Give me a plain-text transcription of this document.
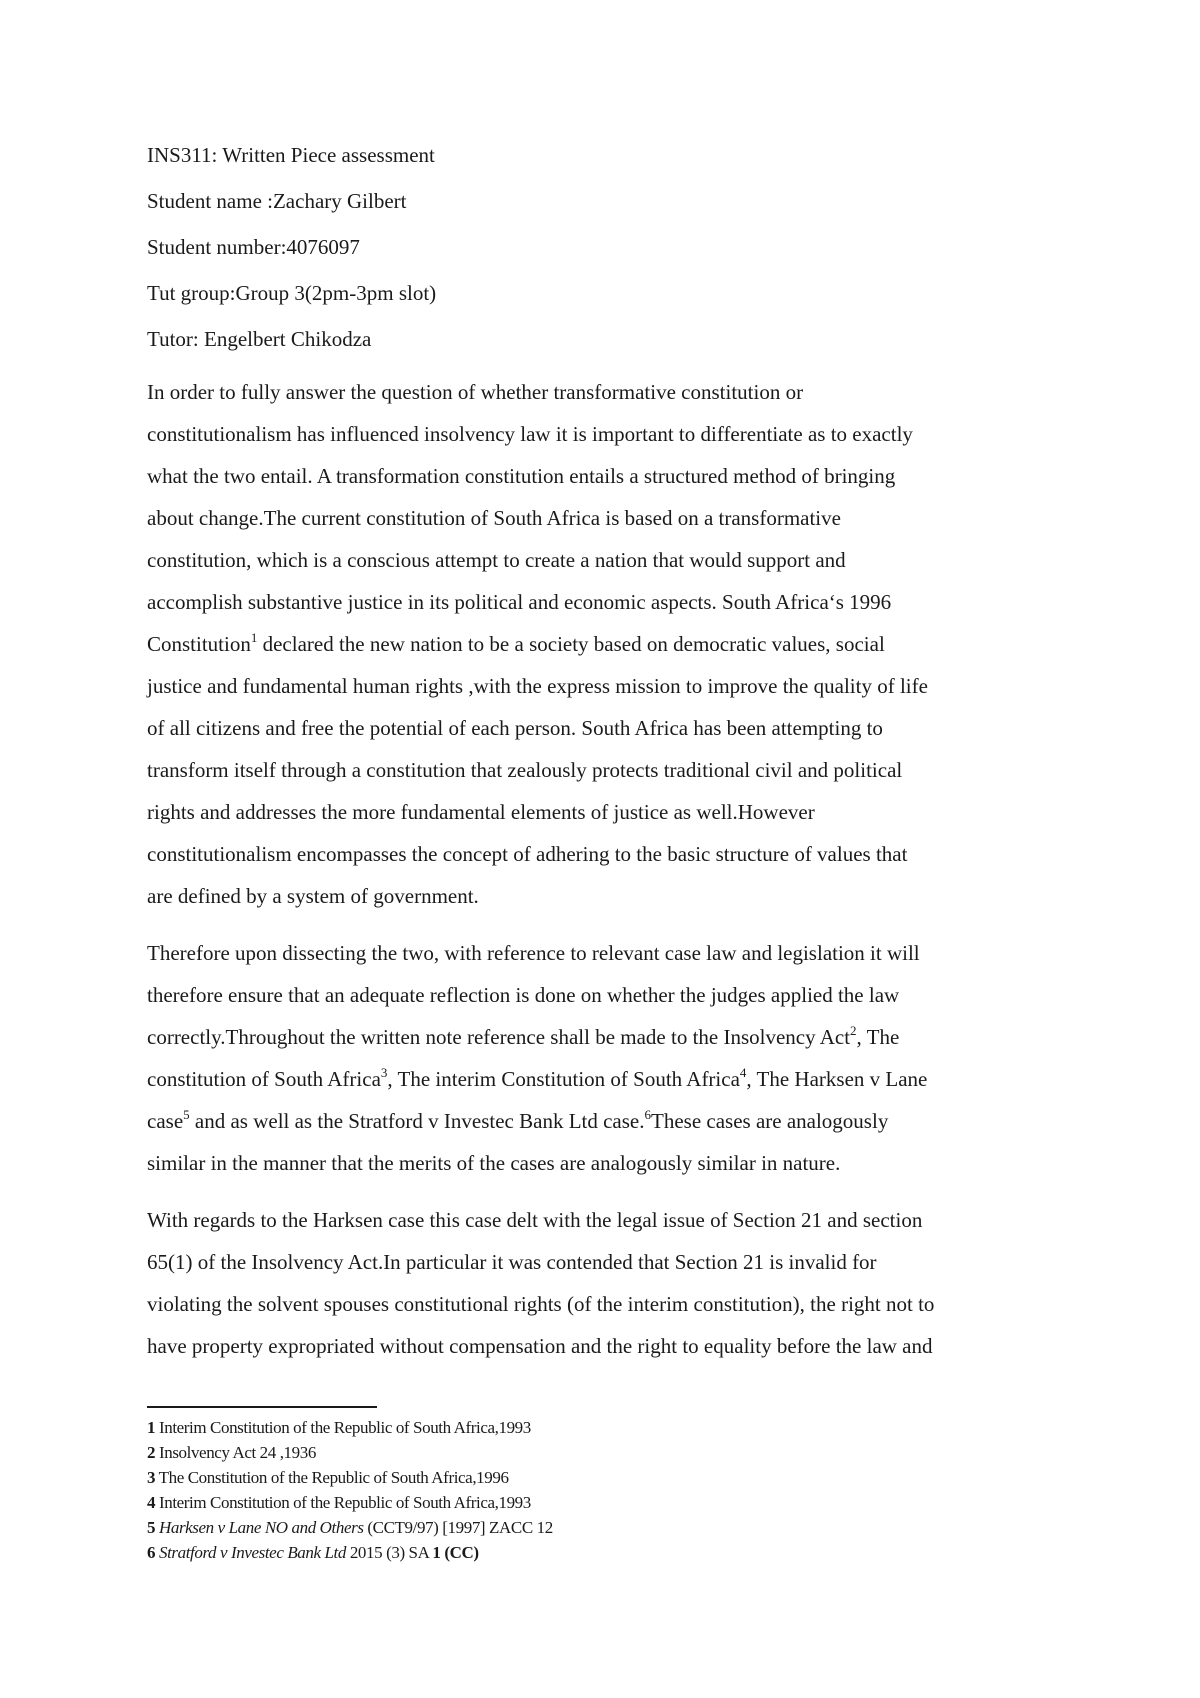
INS311: Written Piece assessment
Student name :Zachary Gilbert
Student number:4076097
Tut group:Group 3(2pm-3pm slot)
Tutor: Engelbert Chikodza
In order to fully answer the question of whether transformative constitution or
constitutionalism has influenced insolvency law it is important to differentiate as to exactly
what the two entail. A transformation constitution entails a structured method of bringing
about change.The current constitution of South Africa is based on a transformative
constitution, which is a conscious attempt to create a nation that would support and
accomplish substantive justice in its political and economic aspects. South Africa‘s 1996
Constitution$^1$ declared the new nation to be a society based on democratic values, social
justice and fundamental human rights ,with the express mission to improve the quality of life
of all citizens and free the potential of each person. South Africa has been attempting to
transform itself through a constitution that zealously protects traditional civil and political
rights and addresses the more fundamental elements of justice as well.However
constitutionalism encompasses the concept of adhering to the basic structure of values that
are defined by a system of government.
Therefore upon dissecting the two, with reference to relevant case law and legislation it will
therefore ensure that an adequate reflection is done on whether the judges applied the law
correctly.Throughout the written note reference shall be made to the Insolvency Act$^2$, The
constitution of South Africa$^3$, The interim Constitution of South Africa$^4$, The Harksen v Lane
case$^5$ and as well as the Stratford v Investec Bank Ltd case.$^6$These cases are analogously
similar in the manner that the merits of the cases are analogously similar in nature.
With regards to the Harksen case this case delt with the legal issue of Section 21 and section
65(1) of the Insolvency Act.In particular it was contended that Section 21 is invalid for
violating the solvent spouses constitutional rights (of the interim constitution), the right not to
have property expropriated without compensation and the right to equality before the law and
1 Interim Constitution of the Republic of South Africa,1993
2 Insolvency Act 24 ,1936
3 The Constitution of the Republic of South Africa,1996
4 Interim Constitution of the Republic of South Africa,1993
5 Harksen v Lane NO and Others (CCT9/97) [1997] ZACC 12
6 Stratford v Investec Bank Ltd 2015 (3) SA 1 (CC)
